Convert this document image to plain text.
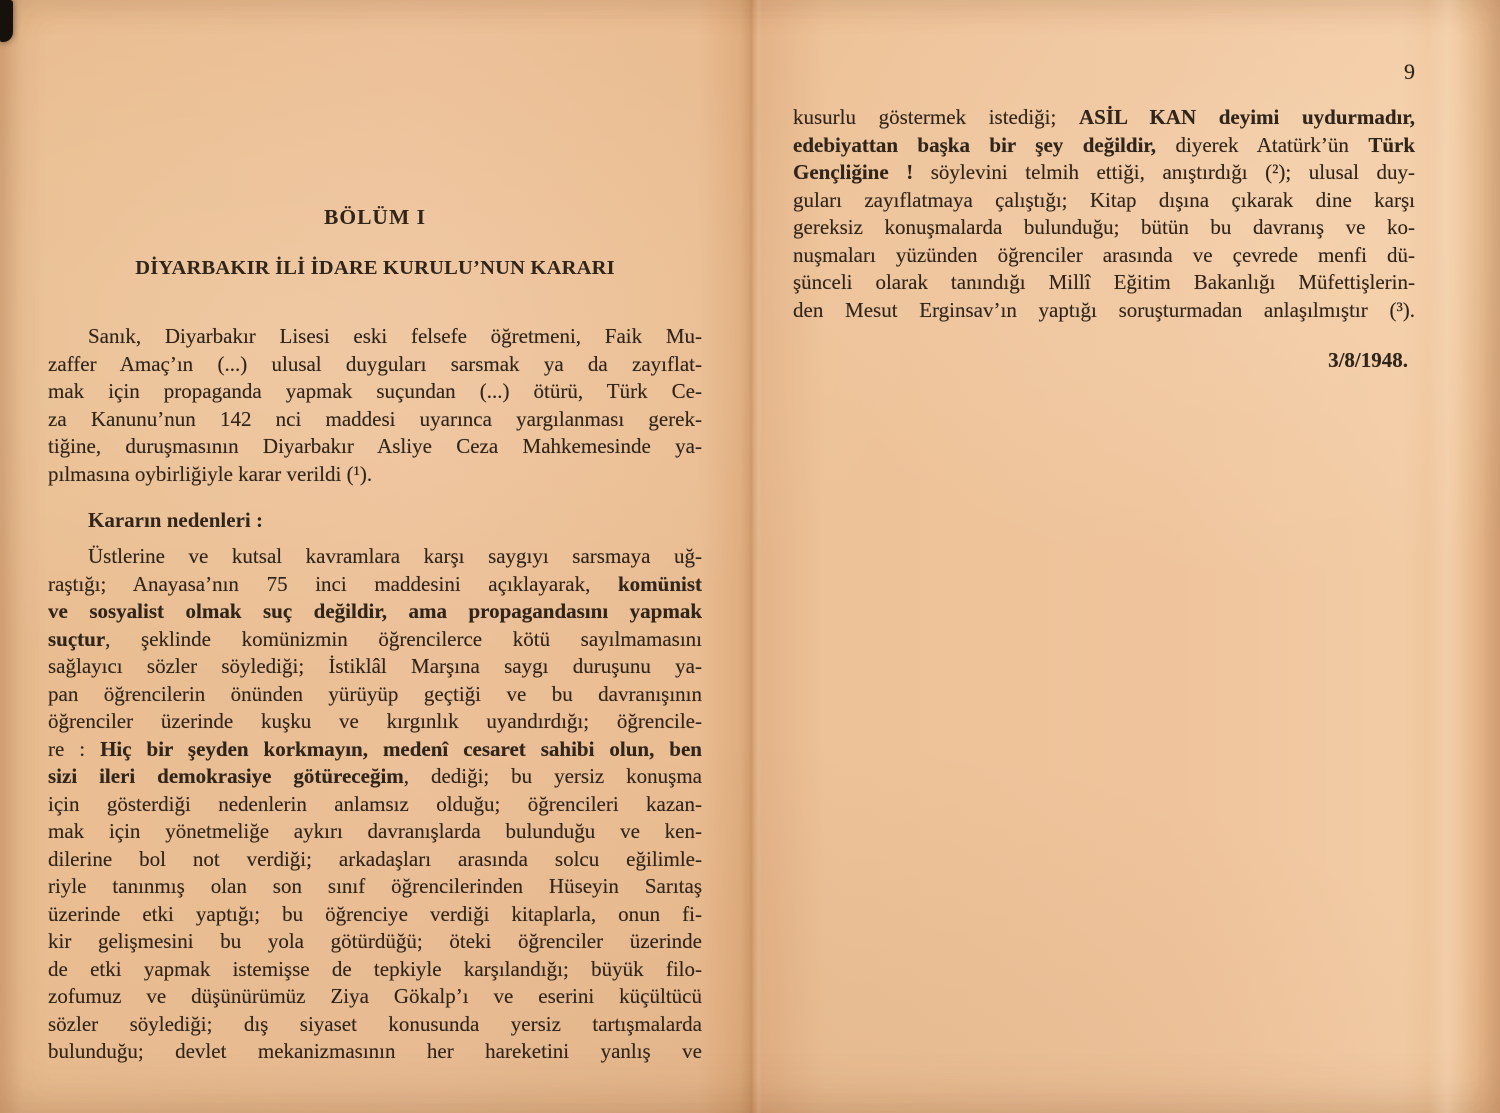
BÖLÜM I
DİYARBAKIR İLİ İDARE KURULU’NUN KARARI
Sanık, Diyarbakır Lisesi eski felsefe öğretmeni, Faik Mu-
zaffer Amaç’ın (...) ulusal duyguları sarsmak ya da zayıflat-
mak için propaganda yapmak suçundan (...) ötürü, Türk Ce-
za Kanunu’nun 142 nci maddesi uyarınca yargılanması gerek-
tiğine, duruşmasının Diyarbakır Asliye Ceza Mahkemesinde ya-
pılmasına oybirliğiyle karar verildi (¹).
Kararın nedenleri :
Üstlerine ve kutsal kavramlara karşı saygıyı sarsmaya uğ-
raştığı; Anayasa’nın 75 inci maddesini açıklayarak, komünist
ve sosyalist olmak suç değildir, ama propagandasını yapmak
suçtur, şeklinde komünizmin öğrencilerce kötü sayılmamasını
sağlayıcı sözler söylediği; İstiklâl Marşına saygı duruşunu ya-
pan öğrencilerin önünden yürüyüp geçtiği ve bu davranışının
öğrenciler üzerinde kuşku ve kırgınlık uyandırdığı; öğrencile-
re : Hiç bir şeyden korkmayın, medenî cesaret sahibi olun, ben
sizi ileri demokrasiye götüreceğim, dediği; bu yersiz konuşma
için gösterdiği nedenlerin anlamsız olduğu; öğrencileri kazan-
mak için yönetmeliğe aykırı davranışlarda bulunduğu ve ken-
dilerine bol not verdiği; arkadaşları arasında solcu eğilimle-
riyle tanınmış olan son sınıf öğrencilerinden Hüseyin Sarıtaş
üzerinde etki yaptığı; bu öğrenciye verdiği kitaplarla, onun fi-
kir gelişmesini bu yola götürdüğü; öteki öğrenciler üzerinde
de etki yapmak istemişse de tepkiyle karşılandığı; büyük filo-
zofumuz ve düşünürümüz Ziya Gökalp’ı ve eserini küçültücü
sözler söylediği; dış siyaset konusunda yersiz tartışmalarda
bulunduğu; devlet mekanizmasının her hareketini yanlış ve
9
kusurlu göstermek istediği; ASİL KAN deyimi uydurmadır,
edebiyattan başka bir şey değildir, diyerek Atatürk’ün Türk
Gençliğine ! söylevini telmih ettiği, anıştırdığı (²); ulusal duy-
guları zayıflatmaya çalıştığı; Kitap dışına çıkarak dine karşı
gereksiz konuşmalarda bulunduğu; bütün bu davranış ve ko-
nuşmaları yüzünden öğrenciler arasında ve çevrede menfi dü-
şünceli olarak tanındığı Millî Eğitim Bakanlığı Müfettişlerin-
den Mesut Erginsav’ın yaptığı soruşturmadan anlaşılmıştır (³).
3/8/1948.
